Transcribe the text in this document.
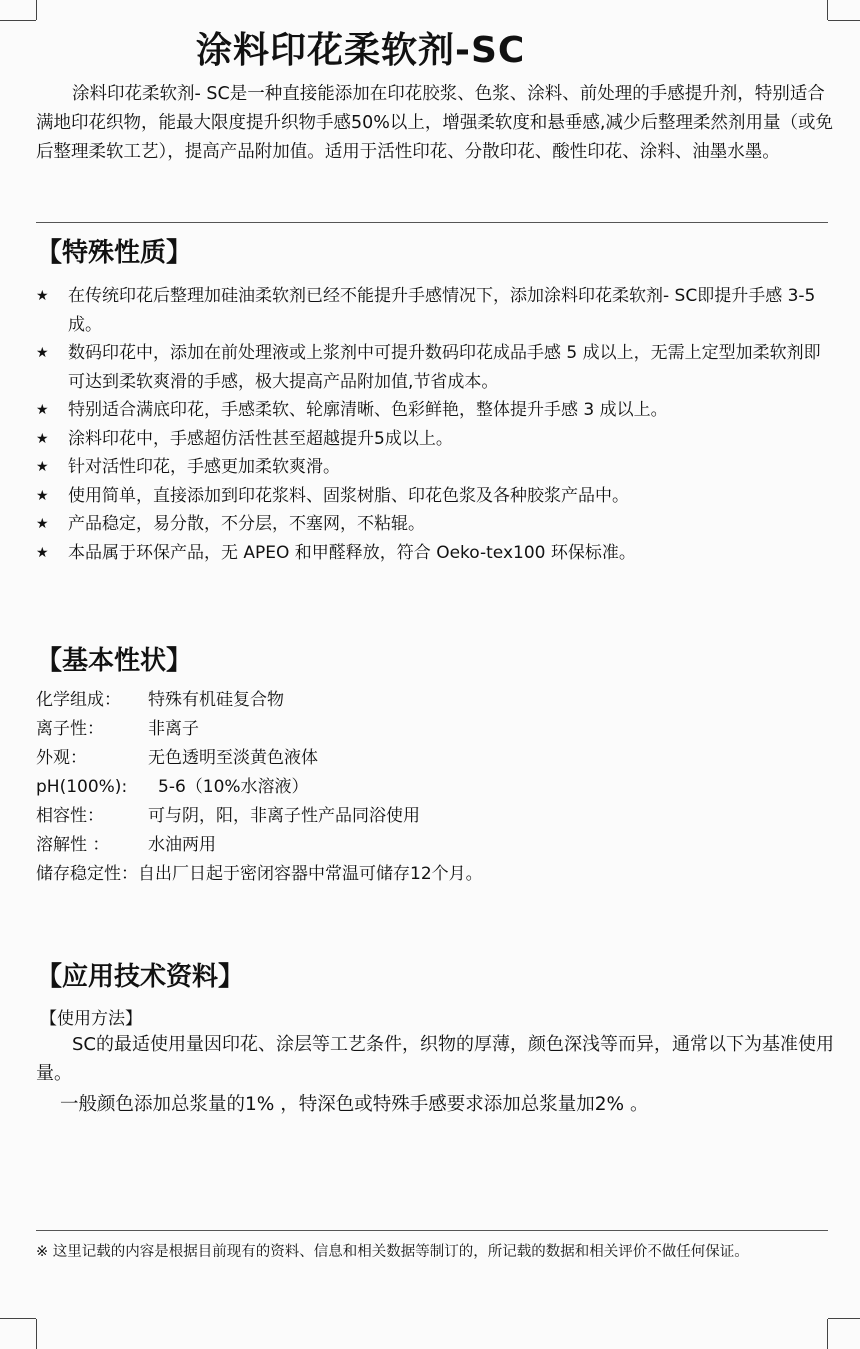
涂料印花柔软剂-SC
涂料印花柔软剂- SC是一种直接能添加在印花胶浆、色浆、涂料、前处理的手感提升剂，特别适合满地印花织物，能最大限度提升织物手感50%以上，增强柔软度和悬垂感,减少后整理柔然剂用量（或免后整理柔软工艺），提高产品附加值。适用于活性印花、分散印花、酸性印花、涂料、油墨水墨。
【特殊性质】
★ 在传统印花后整理加硅油柔软剂已经不能提升手感情况下，添加涂料印花柔软剂- SC即提升手感 3-5 成。
★ 数码印花中，添加在前处理液或上浆剂中可提升数码印花成品手感 5 成以上，无需上定型加柔软剂即可达到柔软爽滑的手感，极大提高产品附加值,节省成本。
★ 特别适合满底印花，手感柔软、轮廓清晰、色彩鲜艳，整体提升手感 3 成以上。
★ 涂料印花中，手感超仿活性甚至超越提升5成以上。
★ 针对活性印花，手感更加柔软爽滑。
★ 使用简单，直接添加到印花浆料、固浆树脂、印花色浆及各种胶浆产品中。
★ 产品稳定，易分散，不分层，不塞网，不粘辊。
★ 本品属于环保产品，无 APEO 和甲醛释放，符合 Oeko-tex100 环保标准。
【基本性状】
化学组成：	特殊有机硅复合物
离子性：	非离子
外观：	无色透明至淡黄色液体
pH(100%):	5-6（10%水溶液）
相容性：	可与阴，阳，非离子性产品同浴使用
溶解性 ：	水油两用
储存稳定性： 自出厂日起于密闭容器中常温可储存12个月。
【应用技术资料】
【使用方法】

SC的最适使用量因印花、涂层等工艺条件，织物的厚薄，颜色深浅等而异，通常以下为基准使用量。

一般颜色添加总浆量的1% ，特深色或特殊手感要求添加总浆量加2% 。

※ 这里记载的内容是根据目前现有的资料、信息和相关数据等制订的，所记载的数据和相关评价不做任何保证。
